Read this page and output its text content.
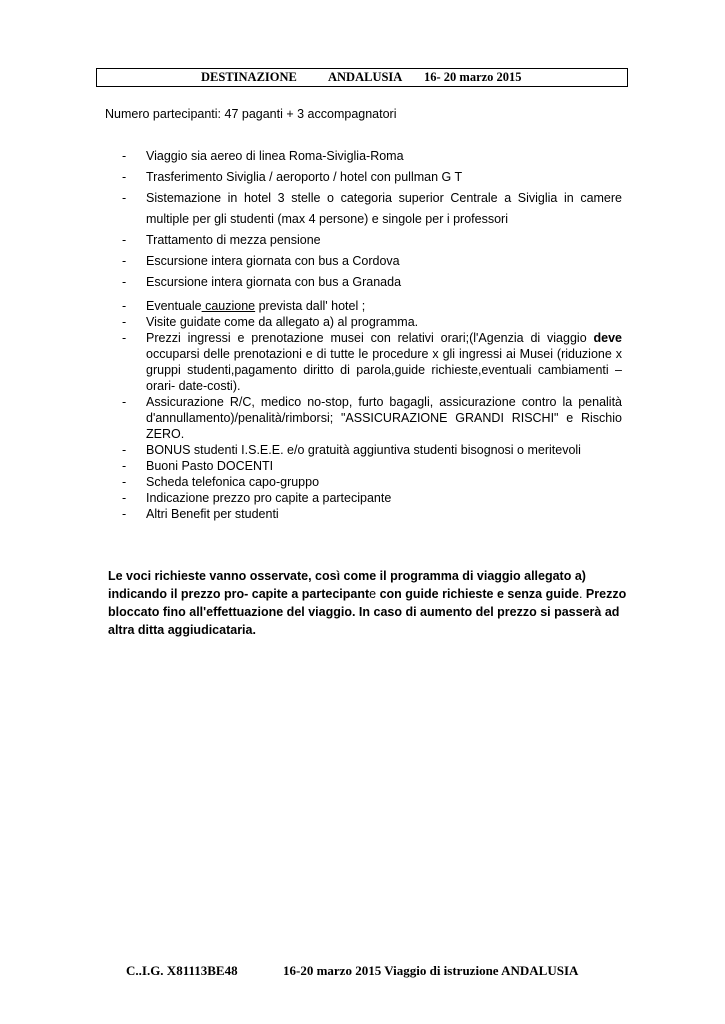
DESTINAZIONE ANDALUSIA 16- 20 marzo 2015
Numero partecipanti: 47 paganti + 3 accompagnatori
- Viaggio sia aereo di linea Roma-Siviglia-Roma
- Trasferimento Siviglia / aeroporto / hotel con pullman G T
- Sistemazione in hotel 3 stelle o categoria superior Centrale a Siviglia in camere multiple per gli studenti (max 4 persone) e singole per i professori
- Trattamento di mezza pensione
- Escursione intera giornata con bus a Cordova
- Escursione intera giornata con bus a Granada
- Eventuale cauzione prevista dall' hotel ;
- Visite guidate come da allegato a) al programma.
- Prezzi ingressi e prenotazione musei con relativi orari;(l'Agenzia di viaggio deve occuparsi delle prenotazioni e di tutte le procedure x gli ingressi ai Musei (riduzione x gruppi studenti,pagamento diritto di parola,guide richieste,eventuali cambiamenti – orari- date-costi).
- Assicurazione R/C, medico no-stop, furto bagagli, assicurazione contro la penalità d'annullamento)/penalità/rimborsi; "ASSICURAZIONE GRANDI RISCHI" e Rischio ZERO.
- BONUS studenti I.S.E.E. e/o gratuità aggiuntiva studenti bisognosi o meritevoli
- Buoni Pasto DOCENTI
- Scheda telefonica capo-gruppo
- Indicazione prezzo pro capite a partecipante
- Altri Benefit per studenti
Le voci richieste vanno osservate, così come il programma di viaggio allegato a) indicando il prezzo pro- capite a partecipante con guide richieste e senza guide. Prezzo bloccato fino all'effettuazione del viaggio. In caso di aumento del prezzo si passerà ad altra ditta aggiudicataria.
C..I.G. X81113BE48	16-20 marzo 2015 Viaggio di istruzione ANDALUSIA
